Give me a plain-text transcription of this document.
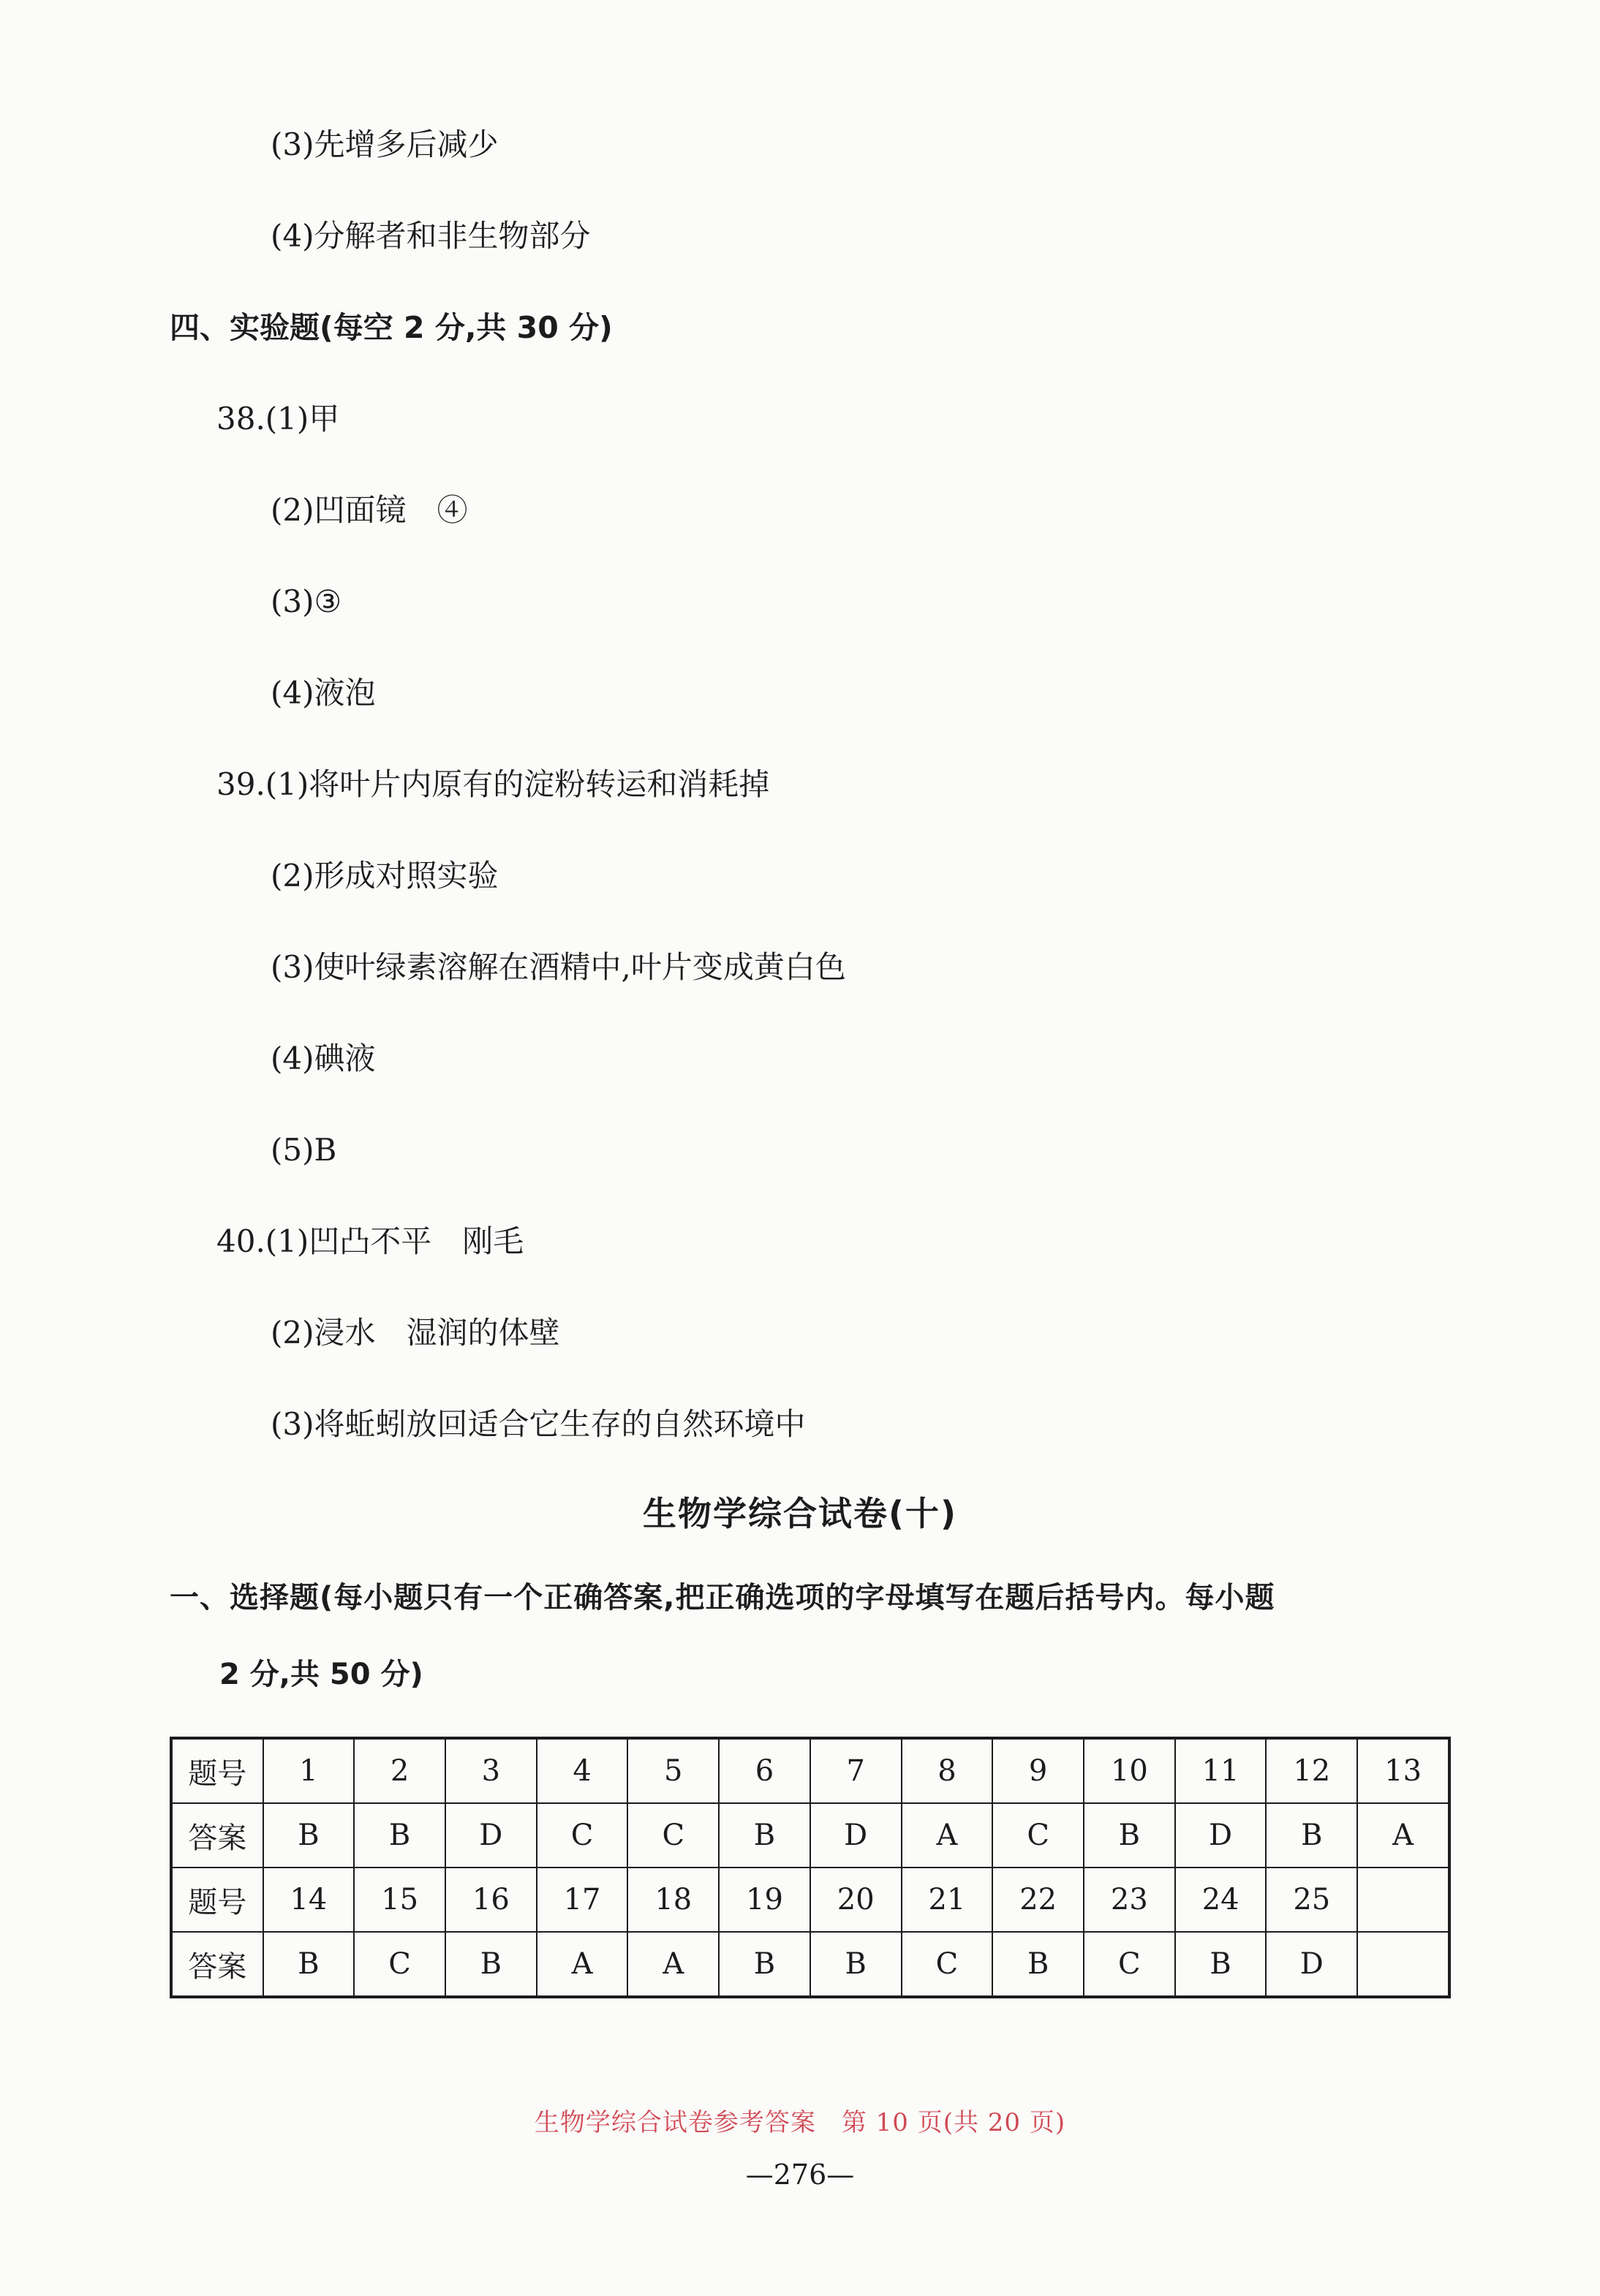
(3)先增多后减少
(4)分解者和非生物部分
四、实验题(每空 2 分,共 30 分)
38.(1)甲
(2)凹面镜　④
(3)③
(4)液泡
39.(1)将叶片内原有的淀粉转运和消耗掉
(2)形成对照实验
(3)使叶绿素溶解在酒精中,叶片变成黄白色
(4)碘液
(5)B
40.(1)凹凸不平　刚毛
(2)浸水　湿润的体壁
(3)将蚯蚓放回适合它生存的自然环境中
生物学综合试卷(十)
一、选择题(每小题只有一个正确答案,把正确选项的字母填写在题后括号内。每小题
2 分,共 50 分)
题号	1	2	3	4	5	6	7	8	9	10	11	12	13
答案	B	B	D	C	C	B	D	A	C	B	D	B	A
题号	14	15	16	17	18	19	20	21	22	23	24	25	
答案	B	C	B	A	A	B	B	C	B	C	B	D	
生物学综合试卷参考答案　第 10 页(共 20 页)
—276—
